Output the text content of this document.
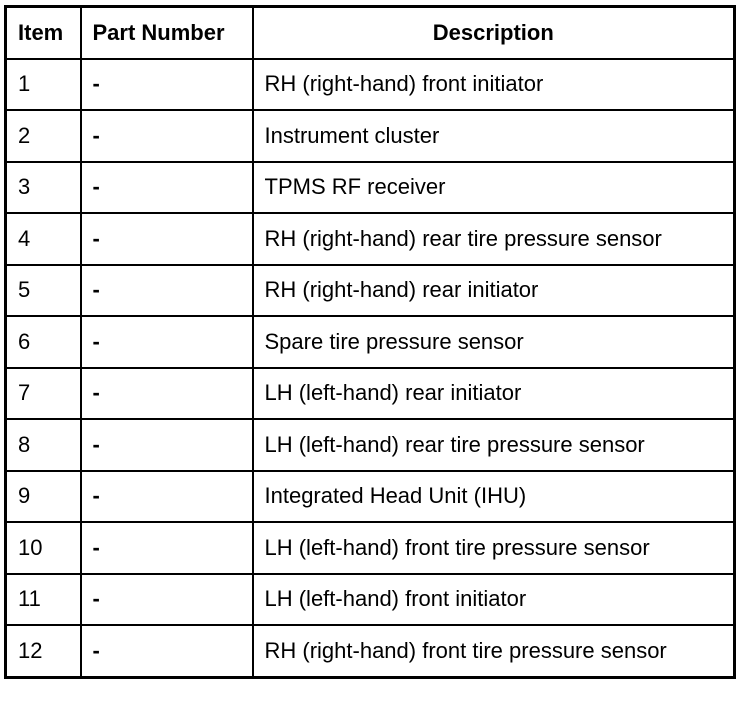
Item	Part Number	Description
1	-	RH (right-hand) front initiator
2	-	Instrument cluster
3	-	TPMS RF receiver
4	-	RH (right-hand) rear tire pressure sensor
5	-	RH (right-hand) rear initiator
6	-	Spare tire pressure sensor
7	-	LH (left-hand) rear initiator
8	-	LH (left-hand) rear tire pressure sensor
9	-	Integrated Head Unit (IHU)
10	-	LH (left-hand) front tire pressure sensor
11	-	LH (left-hand) front initiator
12	-	RH (right-hand) front tire pressure sensor
